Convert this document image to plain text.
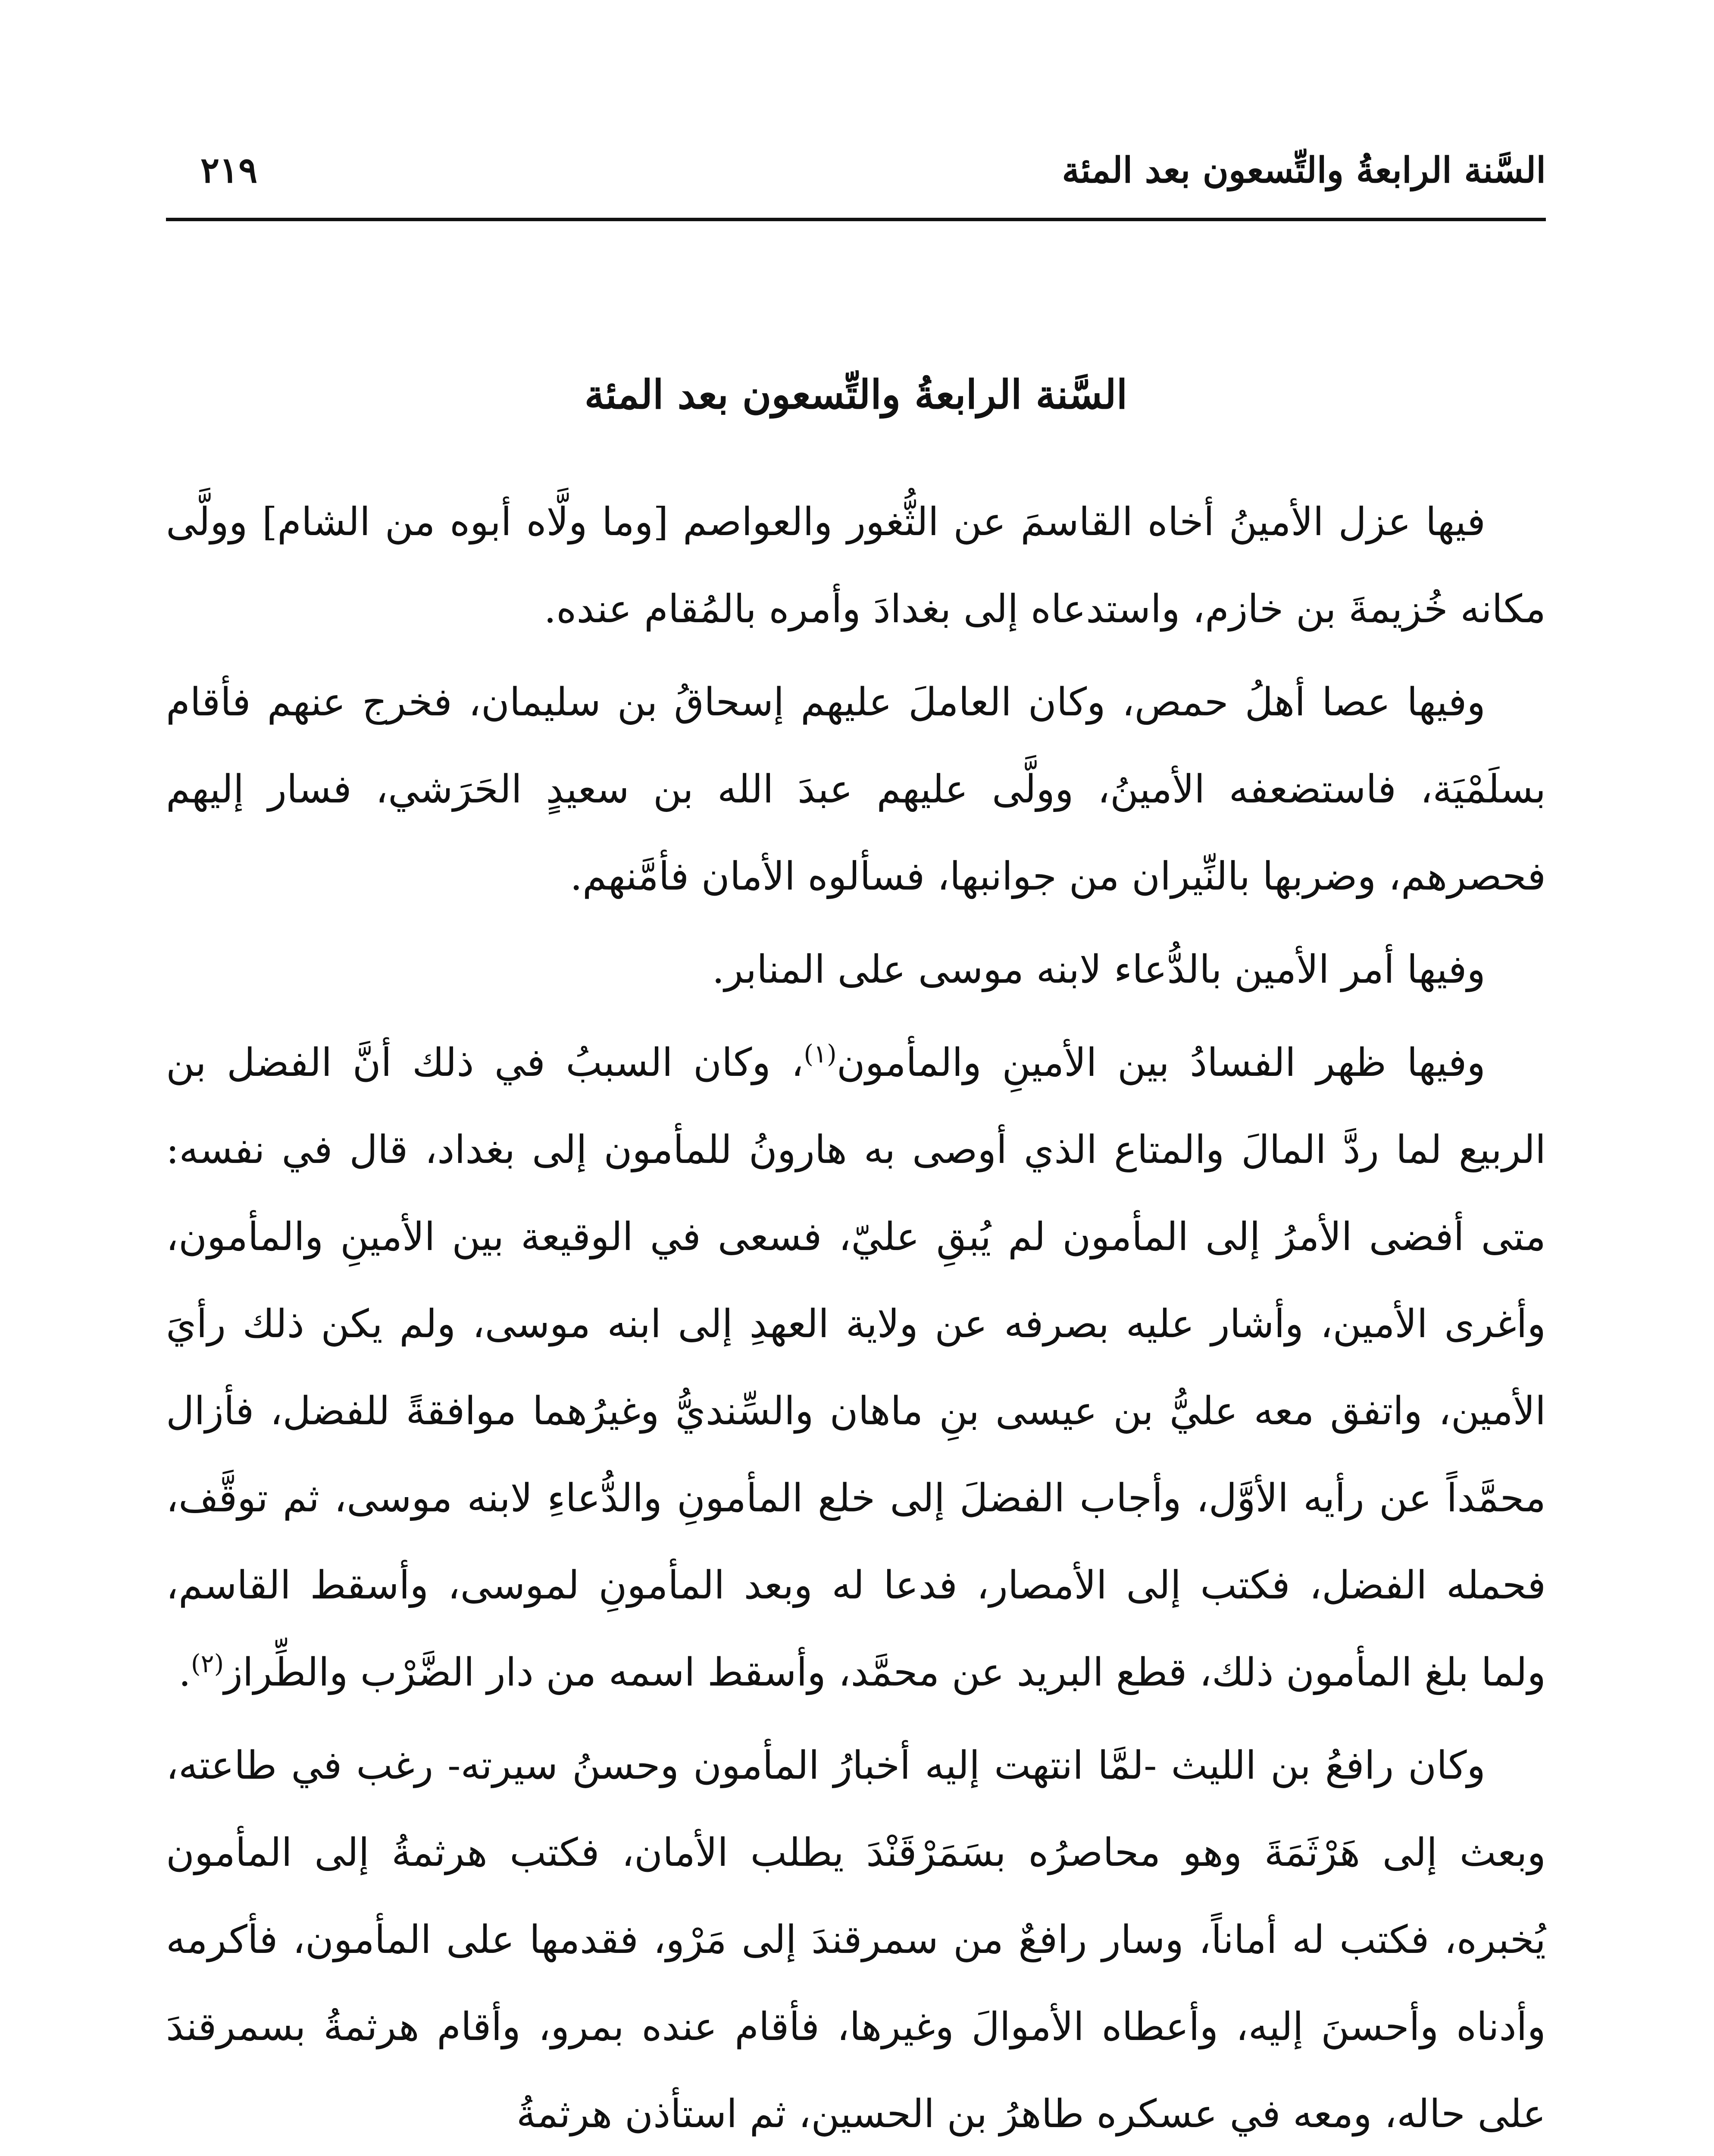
السَّنة الرابعةُ والتِّسعون بعد المئة
٢١٩
السَّنة الرابعةُ والتِّسعون بعد المئة

فيها عزل الأمينُ أخاه القاسمَ عن الثُّغور والعواصم [وما ولَّاه أبوه من الشام] وولَّى مكانه خُزيمةَ بن خازم، واستدعاه إلى بغدادَ وأمره بالمُقام عنده.

وفيها عصا أهلُ حمص، وكان العاملَ عليهم إسحاقُ بن سليمان، فخرج عنهم فأقام بسلَمْيَة، فاستضعفه الأمينُ، وولَّى عليهم عبدَ الله بن سعيدٍ الحَرَشي، فسار إليهم فحصرهم، وضربها بالنِّيران من جوانبها، فسألوه الأمان فأمَّنهم.

وفيها أمر الأمين بالدُّعاء لابنه موسى على المنابر.

وفيها ظهر الفسادُ بين الأمينِ والمأمون$^{(١)}$، وكان السببُ في ذلك أنَّ الفضل بن الربيع لما ردَّ المالَ والمتاع الذي أوصى به هارونُ للمأمون إلى بغداد، قال في نفسه: متى أفضى الأمرُ إلى المأمون لم يُبقِ عليّ، فسعى في الوقيعة بين الأمينِ والمأمون، وأغرى الأمين، وأشار عليه بصرفه عن ولاية العهدِ إلى ابنه موسى، ولم يكن ذلك رأيَ الأمين، واتفق معه عليُّ بن عيسى بنِ ماهان والسِّنديُّ وغيرُهما موافقةً للفضل، فأزال محمَّداً عن رأيه الأوَّل، وأجاب الفضلَ إلى خلع المأمونِ والدُّعاءِ لابنه موسى، ثم توقَّف، فحمله الفضل، فكتب إلى الأمصار، فدعا له وبعد المأمونِ لموسى، وأسقط القاسم، ولما بلغ المأمون ذلك، قطع البريد عن محمَّد، وأسقط اسمه من دار الضَّرْب والطِّراز$^{(٢)}$.

وكان رافعُ بن الليث -لمَّا انتهت إليه أخبارُ المأمون وحسنُ سيرته- رغب في طاعته، وبعث إلى هَرْثَمَةَ وهو محاصرُه بسَمَرْقَنْدَ يطلب الأمان، فكتب هرثمةُ إلى المأمون يُخبره، فكتب له أماناً، وسار رافعٌ من سمرقندَ إلى مَرْو، فقدمها على المأمون، فأكرمه وأدناه وأحسنَ إليه، وأعطاه الأموالَ وغيرها، فأقام عنده بمرو، وأقام هرثمةُ بسمرقندَ على حاله، ومعه في عسكره طاهرُ بن الحسين، ثم استأذن هرثمةُ
